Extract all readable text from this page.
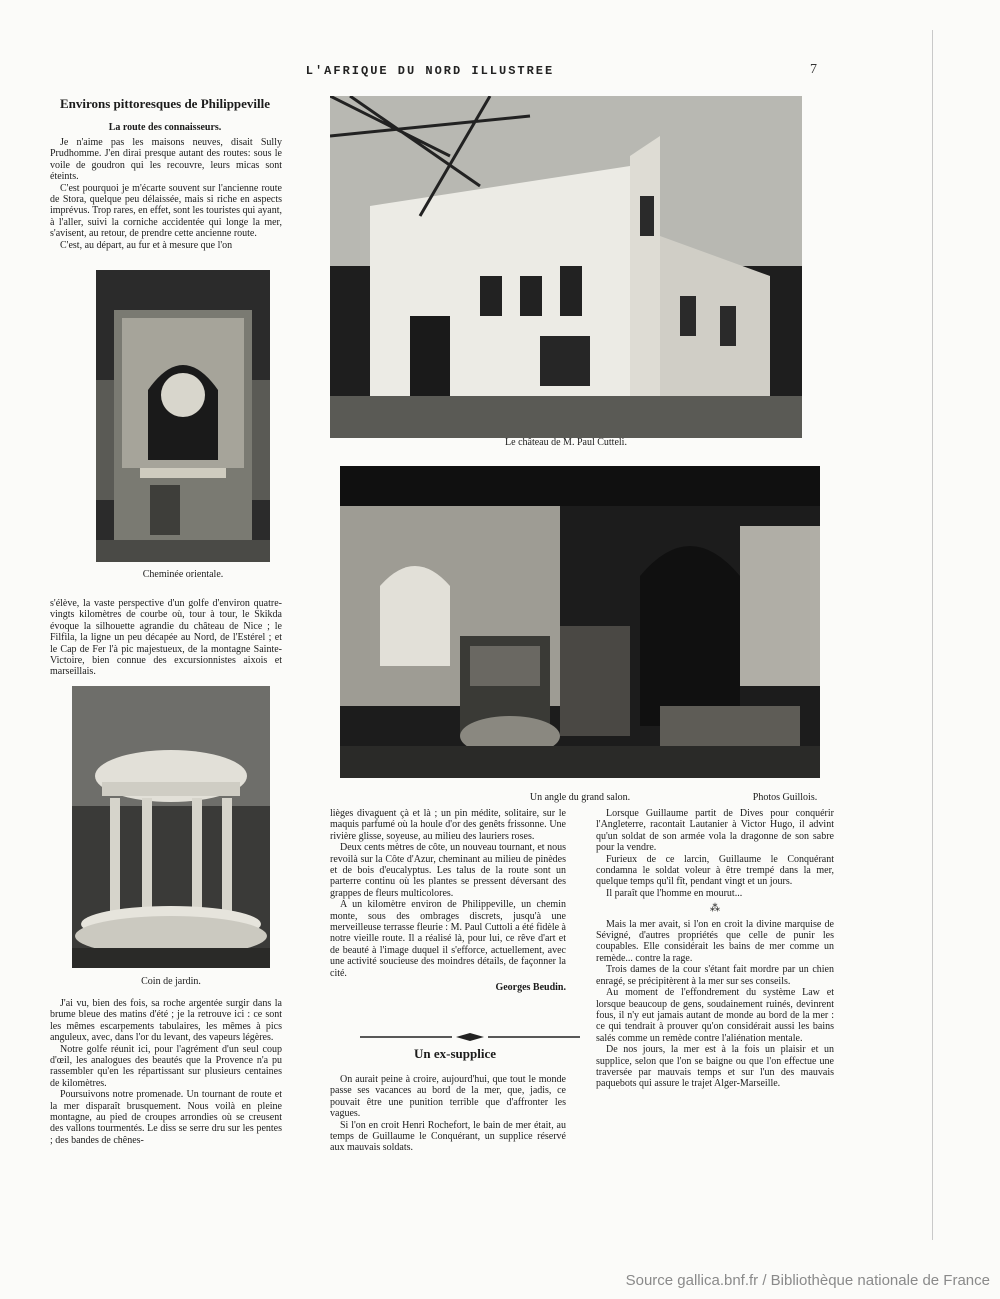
L'AFRIQUE DU NORD ILLUSTREE	7
Environs pittoresques de Philippeville
La route des connaisseurs.

Je n'aime pas les maisons neuves, disait Sully Prudhomme. J'en dirai presque autant des routes: sous le voile de goudron qui les recouvre, leurs micas sont éteints.

C'est pourquoi je m'écarte souvent sur l'ancienne route de Stora, quelque peu délaissée, mais si riche en aspects imprévus. Trop rares, en effet, sont les touristes qui ayant, à l'aller, suivi la corniche accidentée qui longe la mer, s'avisent, au retour, de prendre cette ancienne route.

C'est, au départ, au fur et à mesure que l'on

Cheminée orientale.

s'élève, la vaste perspective d'un golfe d'environ quatre-vingts kilomètres de courbe où, tour à tour, le Skikda évoque la silhouette agrandie du château de Nice ; le Filfila, la ligne un peu décapée au Nord, de l'Estérel ; et le Cap de Fer l'à pic majestueux, de la montagne Sainte-Victoire, bien connue des excursionnistes aixois et marseillais.

Coin de jardin.

J'ai vu, bien des fois, sa roche argentée surgir dans la brume bleue des matins d'été ; je la retrouve ici : ce sont les mêmes escarpements tabulaires, les mêmes à pics anguleux, avec, dans l'or du levant, des vapeurs légères.

Notre golfe réunit ici, pour l'agrément d'un seul coup d'œil, les analogues des beautés que la Provence n'a pu rassembler qu'en les répartissant sur plusieurs centaines de kilomètres.

Poursuivons notre promenade. Un tournant de route et la mer disparaît brusquement. Nous voilà en pleine montagne, au pied de croupes arrondies où se creusent des vallons tourmentés. Le diss se serre dru sur les pentes ; des bandes de chênes-

Le château de M. Paul Cutteli.
Un angle du grand salon.	Photos Guillois.

lièges divaguent çà et là ; un pin médite, solitaire, sur le maquis parfumé où la houle d'or des genêts frissonne. Une rivière glisse, soyeuse, au milieu des lauriers roses.

Deux cents mètres de côte, un nouveau tournant, et nous revoilà sur la Côte d'Azur, cheminant au milieu de pinèdes et de bois d'eucalyptus. Les talus de la route sont un parterre continu où les plantes se pressent déversant des grappes de fleurs multicolores.

A un kilomètre environ de Philippeville, un chemin monte, sous des ombrages discrets, jusqu'à une merveilleuse terrasse fleurie : M. Paul Cuttoli a été fidèle à notre vieille route. Il a réalisé là, pour lui, ce rêve d'art et de beauté à l'image duquel il s'efforce, actuellement, avec une activité soucieuse des moindres détails, de façonner la cité.

Georges Beudin.
Un ex-supplice

On aurait peine à croire, aujourd'hui, que tout le monde passe ses vacances au bord de la mer, que, jadis, ce pouvait être une punition terrible que d'affronter les vagues.

Si l'on en croit Henri Rochefort, le bain de mer était, au temps de Guillaume le Conquérant, un supplice réservé aux mauvais soldats.

Lorsque Guillaume partit de Dives pour conquérir l'Angleterre, racontait Lautanier à Victor Hugo, il advint qu'un soldat de son armée vola la dragonne de son sabre pour la vendre.

Furieux de ce larcin, Guillaume le Conquérant condamna le soldat voleur à être trempé dans la mer, quelque temps qu'il fît, pendant vingt et un jours.

Il paraît que l'homme en mourut...

⁂

Mais la mer avait, si l'on en croit la divine marquise de Sévigné, d'autres propriétés que celle de punir les coupables. Elle considérait les bains de mer comme un remède... contre la rage.

Trois dames de la cour s'étant fait mordre par un chien enragé, se précipitèrent à la mer sur ses conseils.

Au moment de l'effondrement du système Law et lorsque beaucoup de gens, soudainement ruinés, devinrent fous, il n'y eut jamais autant de monde au bord de la mer : ce qui tendrait à prouver qu'on considérait aussi les bains salés comme un remède contre l'aliénation mentale.

De nos jours, la mer est à la fois un plaisir et un supplice, selon que l'on se baigne ou que l'on effectue une traversée par mauvais temps et sur l'un des mauvais paquebots qui assure le trajet Alger-Marseille.

Source gallica.bnf.fr / Bibliothèque nationale de France
